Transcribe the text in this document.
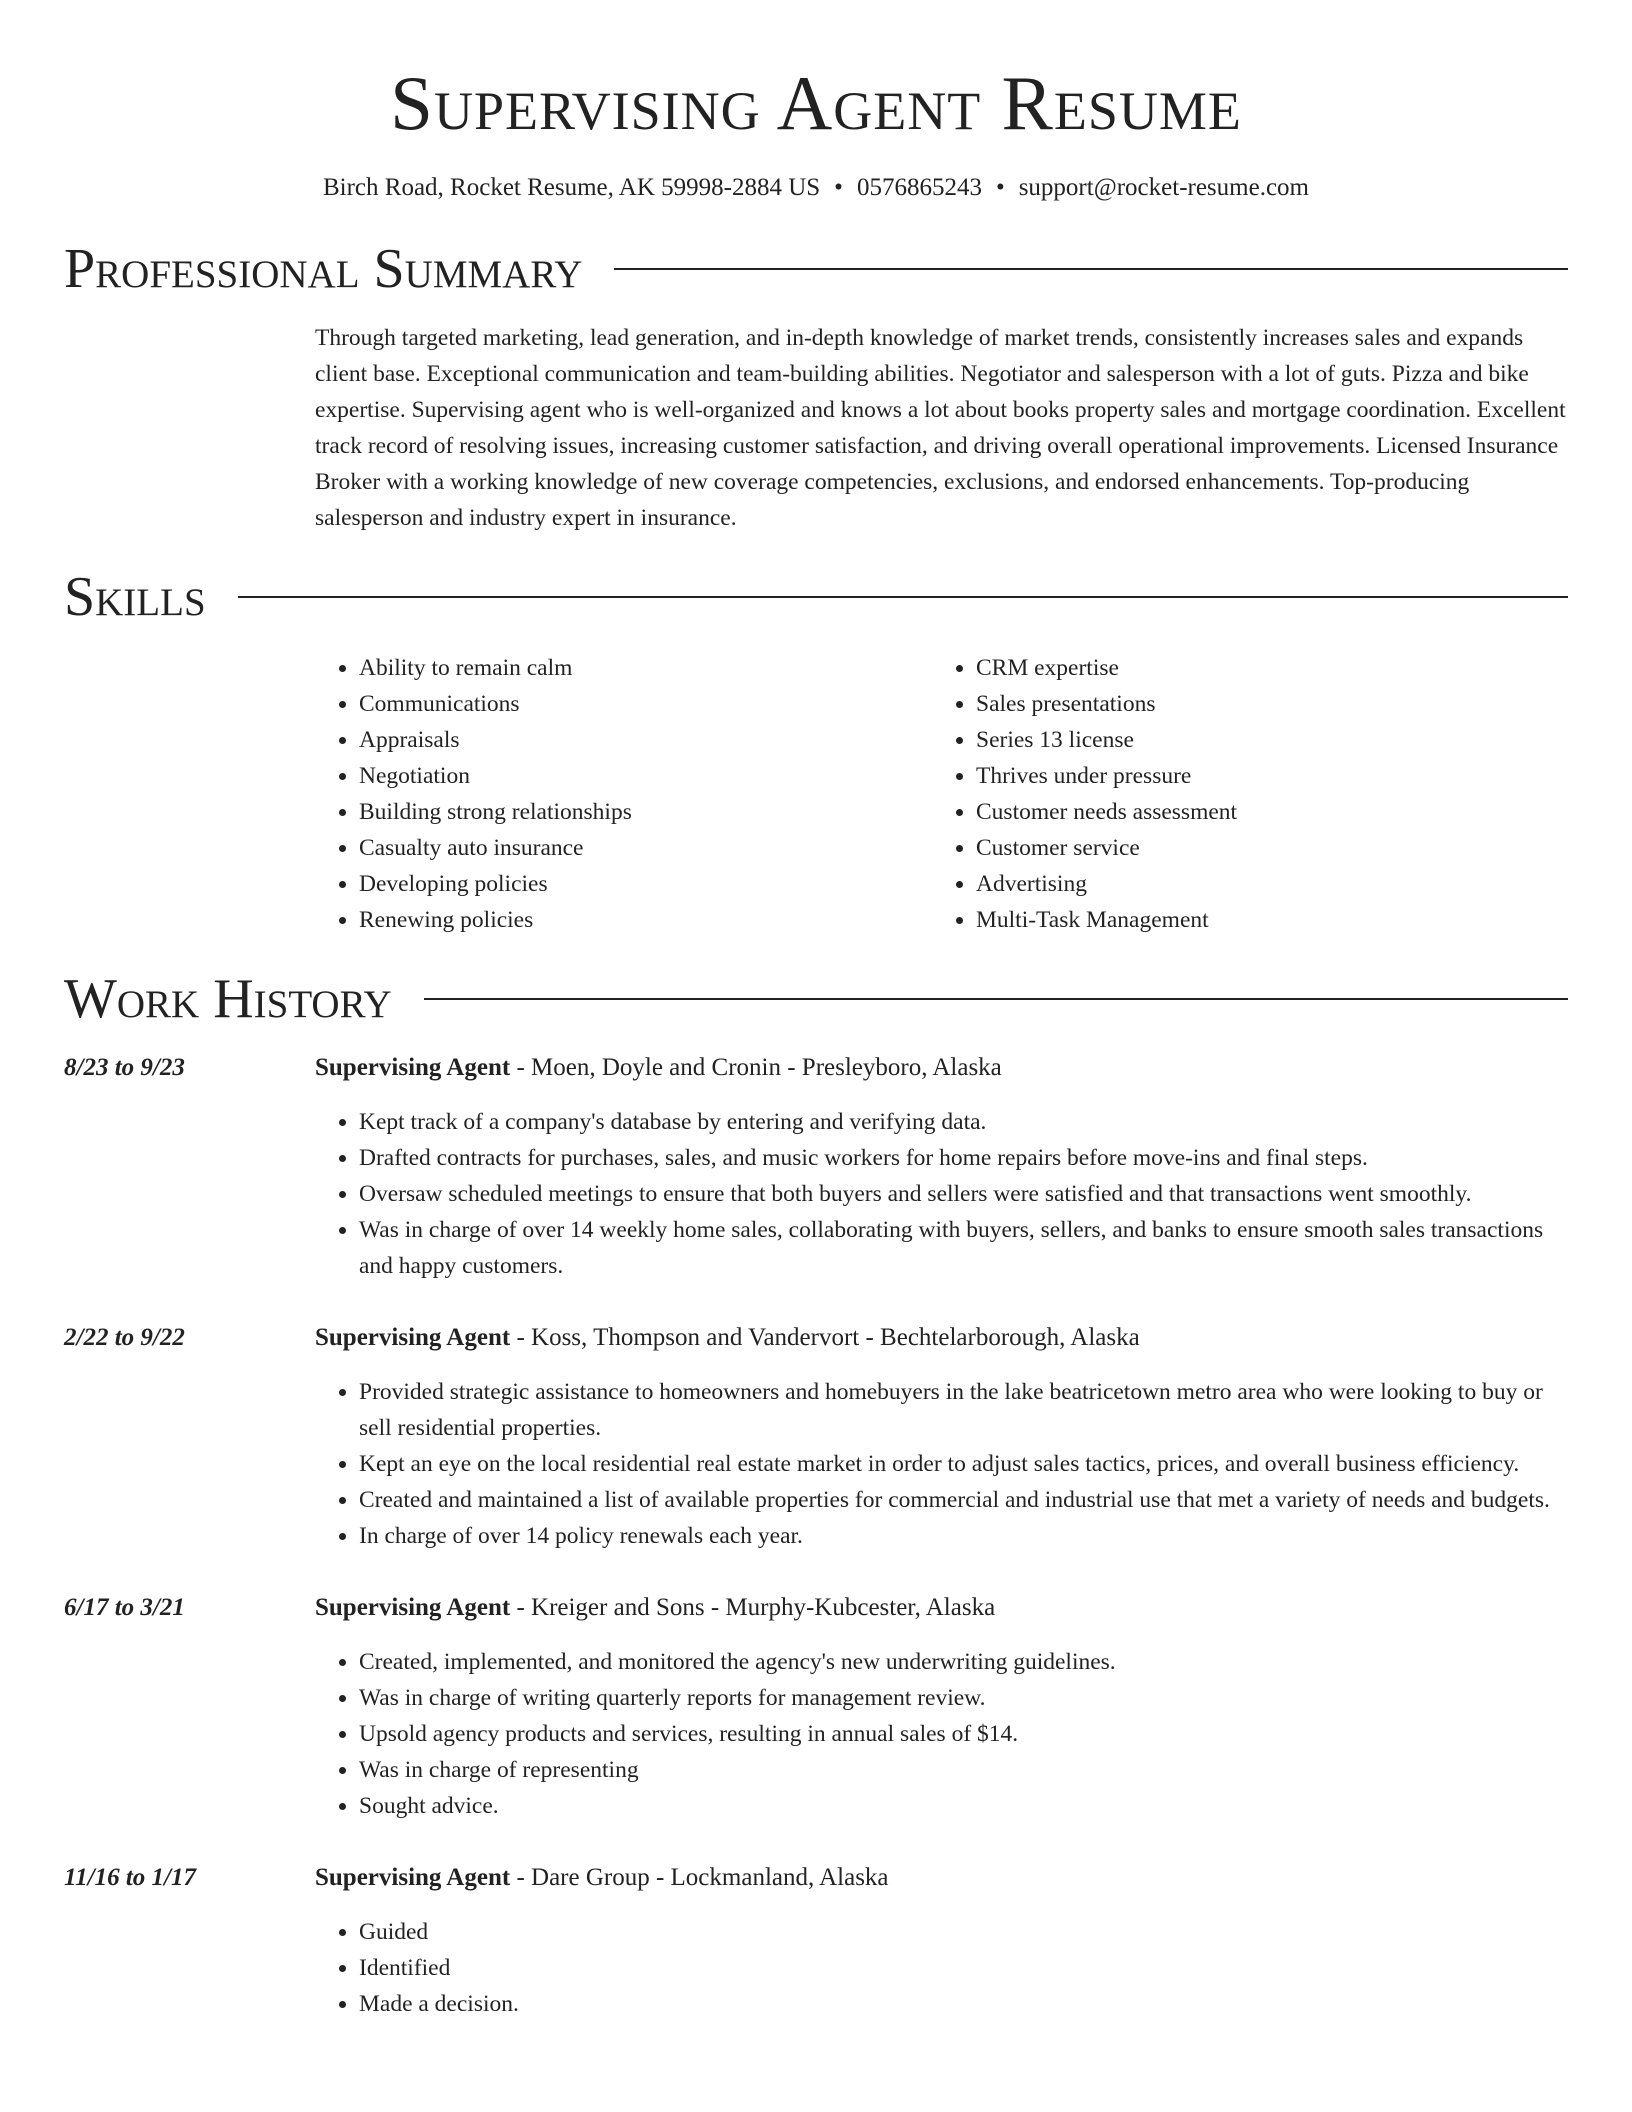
Supervising Agent Resume
Birch Road, Rocket Resume, AK 59998-2884 US • 0576865243 • support@rocket-resume.com
Professional Summary
Through targeted marketing, lead generation, and in-depth knowledge of market trends, consistently increases sales and expands client base. Exceptional communication and team-building abilities. Negotiator and salesperson with a lot of guts. Pizza and bike expertise. Supervising agent who is well-organized and knows a lot about books property sales and mortgage coordination. Excellent track record of resolving issues, increasing customer satisfaction, and driving overall operational improvements. Licensed Insurance Broker with a working knowledge of new coverage competencies, exclusions, and endorsed enhancements. Top-producing salesperson and industry expert in insurance.
Skills
• Ability to remain calm
• Communications
• Appraisals
• Negotiation
• Building strong relationships
• Casualty auto insurance
• Developing policies
• Renewing policies
• CRM expertise
• Sales presentations
• Series 13 license
• Thrives under pressure
• Customer needs assessment
• Customer service
• Advertising
• Multi-Task Management
Work History
8/23 to 9/23	Supervising Agent - Moen, Doyle and Cronin - Presleyboro, Alaska
• Kept track of a company's database by entering and verifying data.
• Drafted contracts for purchases, sales, and music workers for home repairs before move-ins and final steps.
• Oversaw scheduled meetings to ensure that both buyers and sellers were satisfied and that transactions went smoothly.
• Was in charge of over 14 weekly home sales, collaborating with buyers, sellers, and banks to ensure smooth sales transactions and happy customers.
2/22 to 9/22	Supervising Agent - Koss, Thompson and Vandervort - Bechtelarborough, Alaska
• Provided strategic assistance to homeowners and homebuyers in the lake beatricetown metro area who were looking to buy or sell residential properties.
• Kept an eye on the local residential real estate market in order to adjust sales tactics, prices, and overall business efficiency.
• Created and maintained a list of available properties for commercial and industrial use that met a variety of needs and budgets.
• In charge of over 14 policy renewals each year.
6/17 to 3/21	Supervising Agent - Kreiger and Sons - Murphy-Kubcester, Alaska
• Created, implemented, and monitored the agency's new underwriting guidelines.
• Was in charge of writing quarterly reports for management review.
• Upsold agency products and services, resulting in annual sales of $14.
• Was in charge of representing
• Sought advice.
11/16 to 1/17	Supervising Agent - Dare Group - Lockmanland, Alaska
• Guided
• Identified
• Made a decision.
